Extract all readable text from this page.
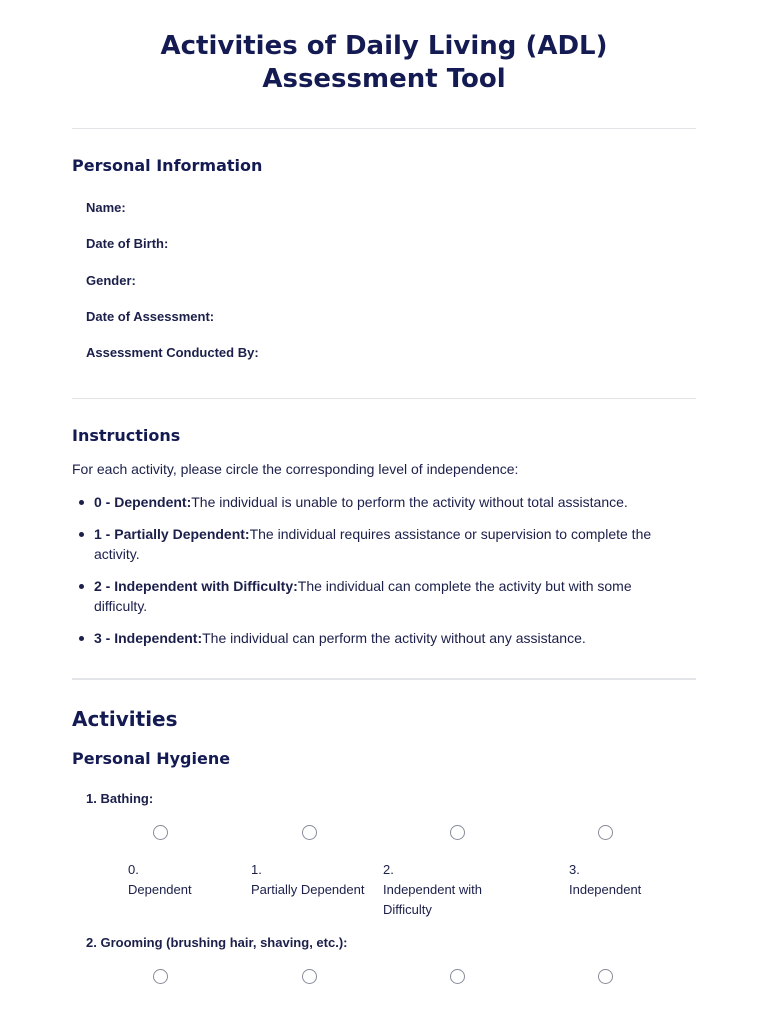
Activities of Daily Living (ADL)
Assessment Tool
Personal Information
Name:
Date of Birth:
Gender:
Date of Assessment:
Assessment Conducted By:
Instructions

For each activity, please circle the corresponding level of independence:

0 - Dependent:The individual is unable to perform the activity without total assistance.
1 - Partially Dependent:The individual requires assistance or supervision to complete the activity.
2 - Independent with Difficulty:The individual can complete the activity but with some difficulty.
3 - Independent:The individual can perform the activity without any assistance.
Activities
Personal Hygiene
1. Bathing:
0.
Dependent
1.
Partially Dependent
2.
Independent with Difficulty
3.
Independent
2. Grooming (brushing hair, shaving, etc.):
